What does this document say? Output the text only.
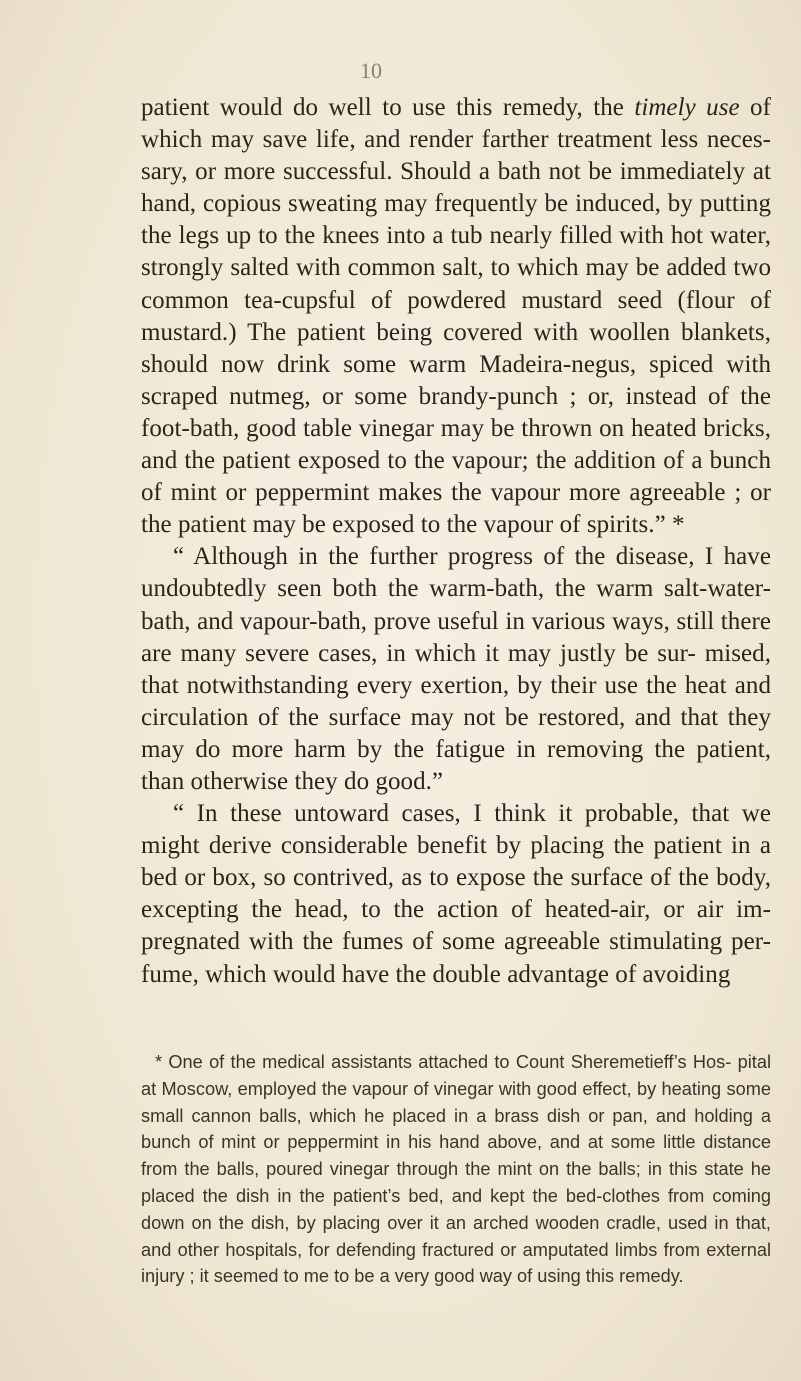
10

patient would do well to use this remedy, the timely use of which may save life, and render farther treatment less neces- sary, or more successful. Should a bath not be immediately at hand, copious sweating may frequently be induced, by putting the legs up to the knees into a tub nearly filled with hot water, strongly salted with common salt, to which may be added two common tea-cupsful of powdered mustard seed (flour of mustard.) The patient being covered with woollen blankets, should now drink some warm Madeira-negus, spiced with scraped nutmeg, or some brandy-punch ; or, instead of the foot-bath, good table vinegar may be thrown on heated bricks, and the patient exposed to the vapour; the addition of a bunch of mint or peppermint makes the vapour more agreeable ; or the patient may be exposed to the vapour of spirits.” *

“ Although in the further progress of the disease, I have undoubtedly seen both the warm-bath, the warm salt-water- bath, and vapour-bath, prove useful in various ways, still there are many severe cases, in which it may justly be sur- mised, that notwithstanding every exertion, by their use the heat and circulation of the surface may not be restored, and that they may do more harm by the fatigue in removing the patient, than otherwise they do good.”

“ In these untoward cases, I think it probable, that we might derive considerable benefit by placing the patient in a bed or box, so contrived, as to expose the surface of the body, excepting the head, to the action of heated-air, or air im- pregnated with the fumes of some agreeable stimulating per- fume, which would have the double advantage of avoiding

* One of the medical assistants attached to Count Sheremetieff’s Hos- pital at Moscow, employed the vapour of vinegar with good effect, by heating some small cannon balls, which he placed in a brass dish or pan, and holding a bunch of mint or peppermint in his hand above, and at some little distance from the balls, poured vinegar through the mint on the balls; in this state he placed the dish in the patient’s bed, and kept the bed-clothes from coming down on the dish, by placing over it an arched wooden cradle, used in that, and other hospitals, for defending fractured or amputated limbs from external injury ; it seemed to me to be a very good way of using this remedy.
